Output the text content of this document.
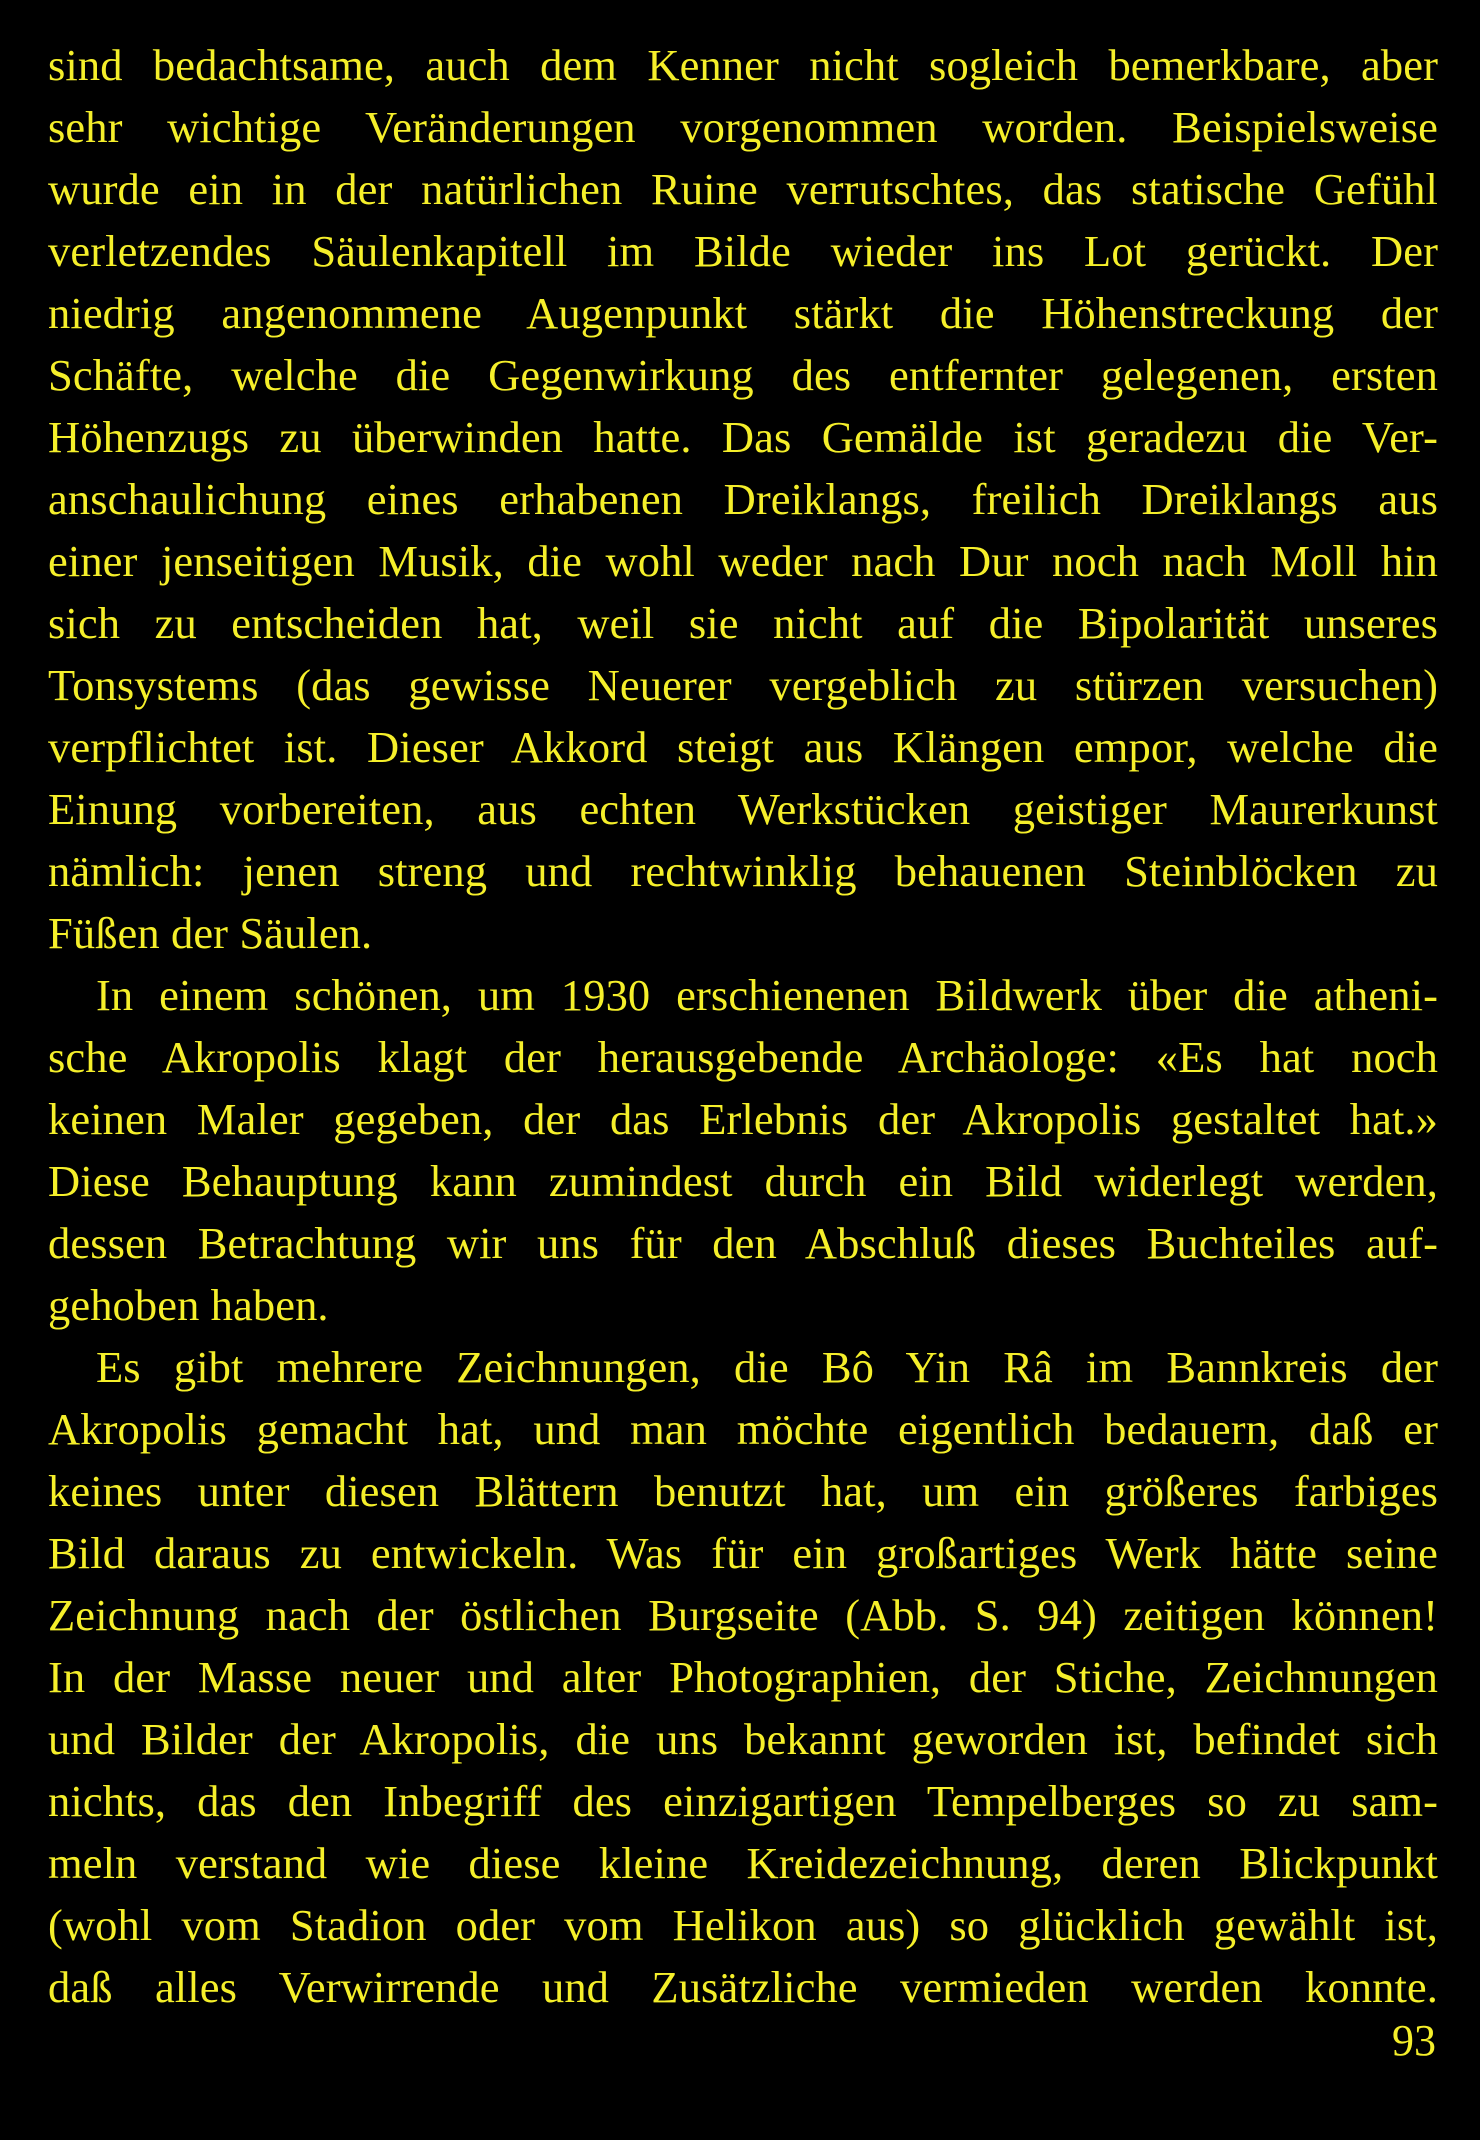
sind bedachtsame, auch dem Kenner nicht sogleich bemerkbare, aber
sehr wichtige Veränderungen vorgenommen worden. Beispielsweise
wurde ein in der natürlichen Ruine verrutschtes, das statische Gefühl
verletzendes Säulenkapitell im Bilde wieder ins Lot gerückt. Der
niedrig angenommene Augenpunkt stärkt die Höhenstreckung der
Schäfte, welche die Gegenwirkung des entfernter gelegenen, ersten
Höhenzugs zu überwinden hatte. Das Gemälde ist geradezu die Ver-
anschaulichung eines erhabenen Dreiklangs, freilich Dreiklangs aus
einer jenseitigen Musik, die wohl weder nach Dur noch nach Moll hin
sich zu entscheiden hat, weil sie nicht auf die Bipolarität unseres
Tonsystems (das gewisse Neuerer vergeblich zu stürzen versuchen)
verpflichtet ist. Dieser Akkord steigt aus Klängen empor, welche die
Einung vorbereiten, aus echten Werkstücken geistiger Maurerkunst
nämlich: jenen streng und rechtwinklig behauenen Steinblöcken zu
Füßen der Säulen.
In einem schönen, um 1930 erschienenen Bildwerk über die atheni-
sche Akropolis klagt der herausgebende Archäologe: «Es hat noch
keinen Maler gegeben, der das Erlebnis der Akropolis gestaltet hat.»
Diese Behauptung kann zumindest durch ein Bild widerlegt werden,
dessen Betrachtung wir uns für den Abschluß dieses Buchteiles auf-
gehoben haben.
Es gibt mehrere Zeichnungen, die Bô Yin Râ im Bannkreis der
Akropolis gemacht hat, und man möchte eigentlich bedauern, daß er
keines unter diesen Blättern benutzt hat, um ein größeres farbiges
Bild daraus zu entwickeln. Was für ein großartiges Werk hätte seine
Zeichnung nach der östlichen Burgseite (Abb. S. 94) zeitigen können!
In der Masse neuer und alter Photographien, der Stiche, Zeichnungen
und Bilder der Akropolis, die uns bekannt geworden ist, befindet sich
nichts, das den Inbegriff des einzigartigen Tempelberges so zu sam-
meln verstand wie diese kleine Kreidezeichnung, deren Blickpunkt
(wohl vom Stadion oder vom Helikon aus) so glücklich gewählt ist,
daß alles Verwirrende und Zusätzliche vermieden werden konnte.
93
